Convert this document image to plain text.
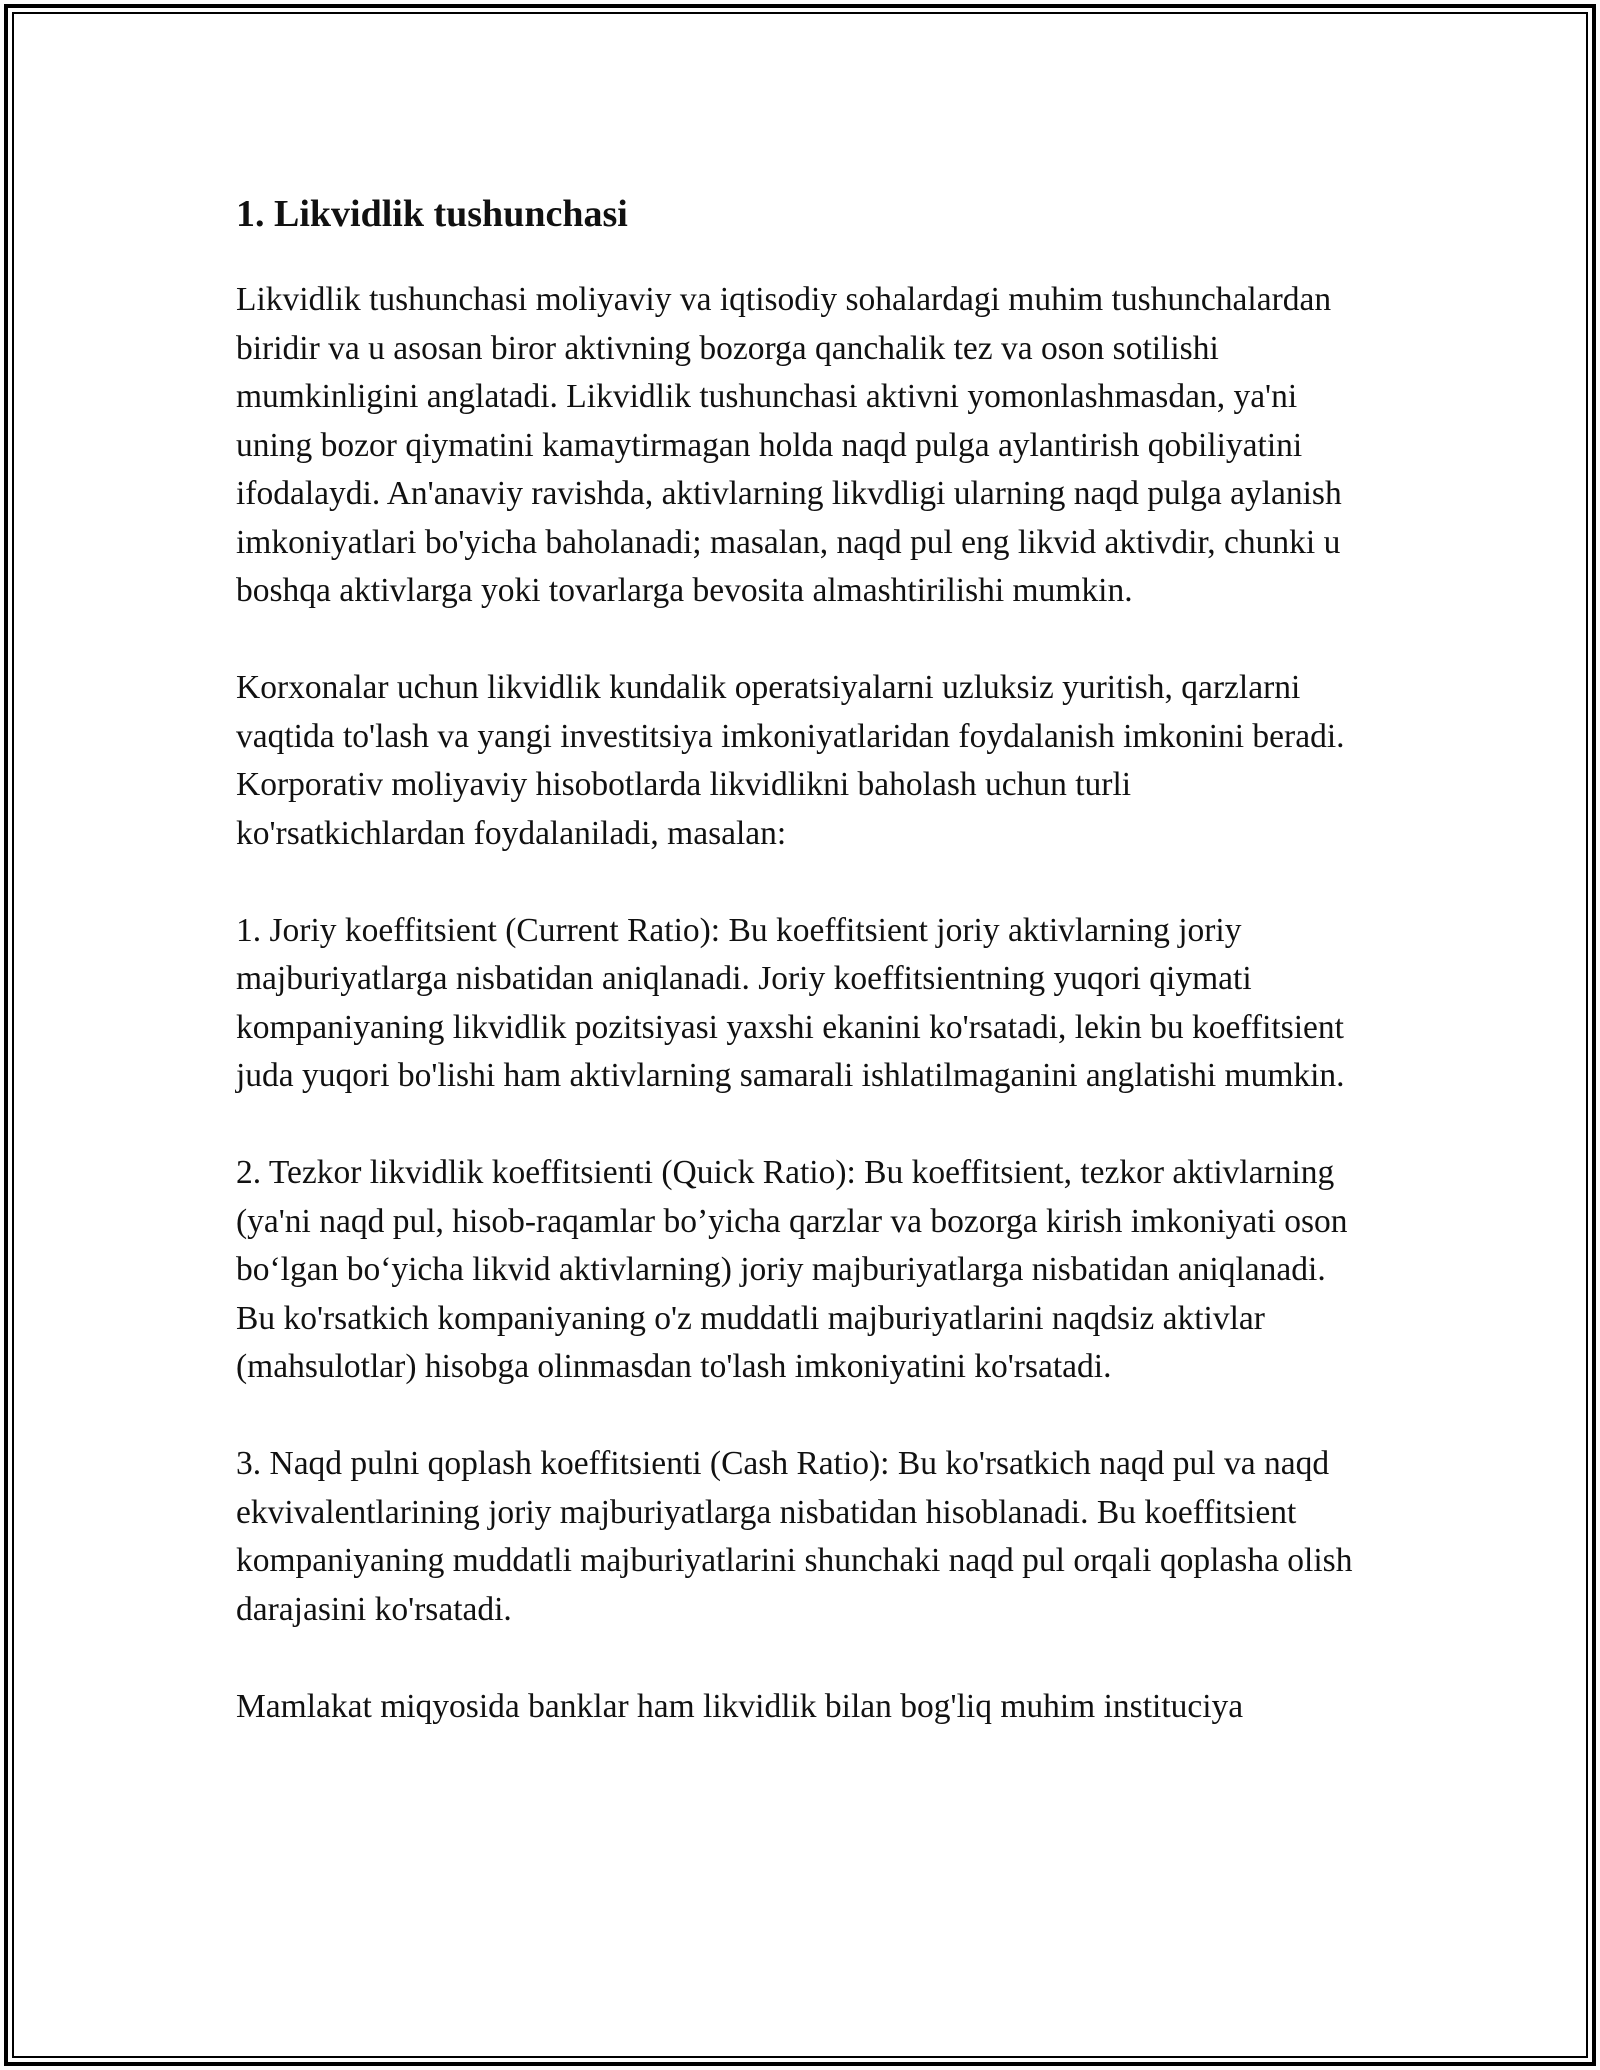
1. Likvidlik tushunchasi

Likvidlik tushunchasi moliyaviy va iqtisodiy sohalardagi muhim tushunchalardan biridir va u asosan biror aktivning bozorga qanchalik tez va oson sotilishi mumkinligini anglatadi. Likvidlik tushunchasi aktivni yomonlashmasdan, ya'ni uning bozor qiymatini kamaytirmagan holda naqd pulga aylantirish qobiliyatini ifodalaydi. An'anaviy ravishda, aktivlarning likvdligi ularning naqd pulga aylanish imkoniyatlari bo'yicha baholanadi; masalan, naqd pul eng likvid aktivdir, chunki u boshqa aktivlarga yoki tovarlarga bevosita almashtirilishi mumkin.

Korxonalar uchun likvidlik kundalik operatsiyalarni uzluksiz yuritish, qarzlarni vaqtida to'lash va yangi investitsiya imkoniyatlaridan foydalanish imkonini beradi. Korporativ moliyaviy hisobotlarda likvidlikni baholash uchun turli ko'rsatkichlardan foydalaniladi, masalan:

1. Joriy koeffitsient (Current Ratio): Bu koeffitsient joriy aktivlarning joriy majburiyatlarga nisbatidan aniqlanadi. Joriy koeffitsientning yuqori qiymati kompaniyaning likvidlik pozitsiyasi yaxshi ekanini ko'rsatadi, lekin bu koeffitsient juda yuqori bo'lishi ham aktivlarning samarali ishlatilmaganini anglatishi mumkin.

2. Tezkor likvidlik koeffitsienti (Quick Ratio): Bu koeffitsient, tezkor aktivlarning (ya'ni naqd pul, hisob-raqamlar bo’yicha qarzlar va bozorga kirish imkoniyati oson bo‘lgan bo‘yicha likvid aktivlarning) joriy majburiyatlarga nisbatidan aniqlanadi. Bu ko'rsatkich kompaniyaning o'z muddatli majburiyatlarini naqdsiz aktivlar (mahsulotlar) hisobga olinmasdan to'lash imkoniyatini ko'rsatadi.

3. Naqd pulni qoplash koeffitsienti (Cash Ratio): Bu ko'rsatkich naqd pul va naqd ekvivalentlarining joriy majburiyatlarga nisbatidan hisoblanadi. Bu koeffitsient kompaniyaning muddatli majburiyatlarini shunchaki naqd pul orqali qoplasha olish darajasini ko'rsatadi.

Mamlakat miqyosida banklar ham likvidlik bilan bog'liq muhim instituciya
